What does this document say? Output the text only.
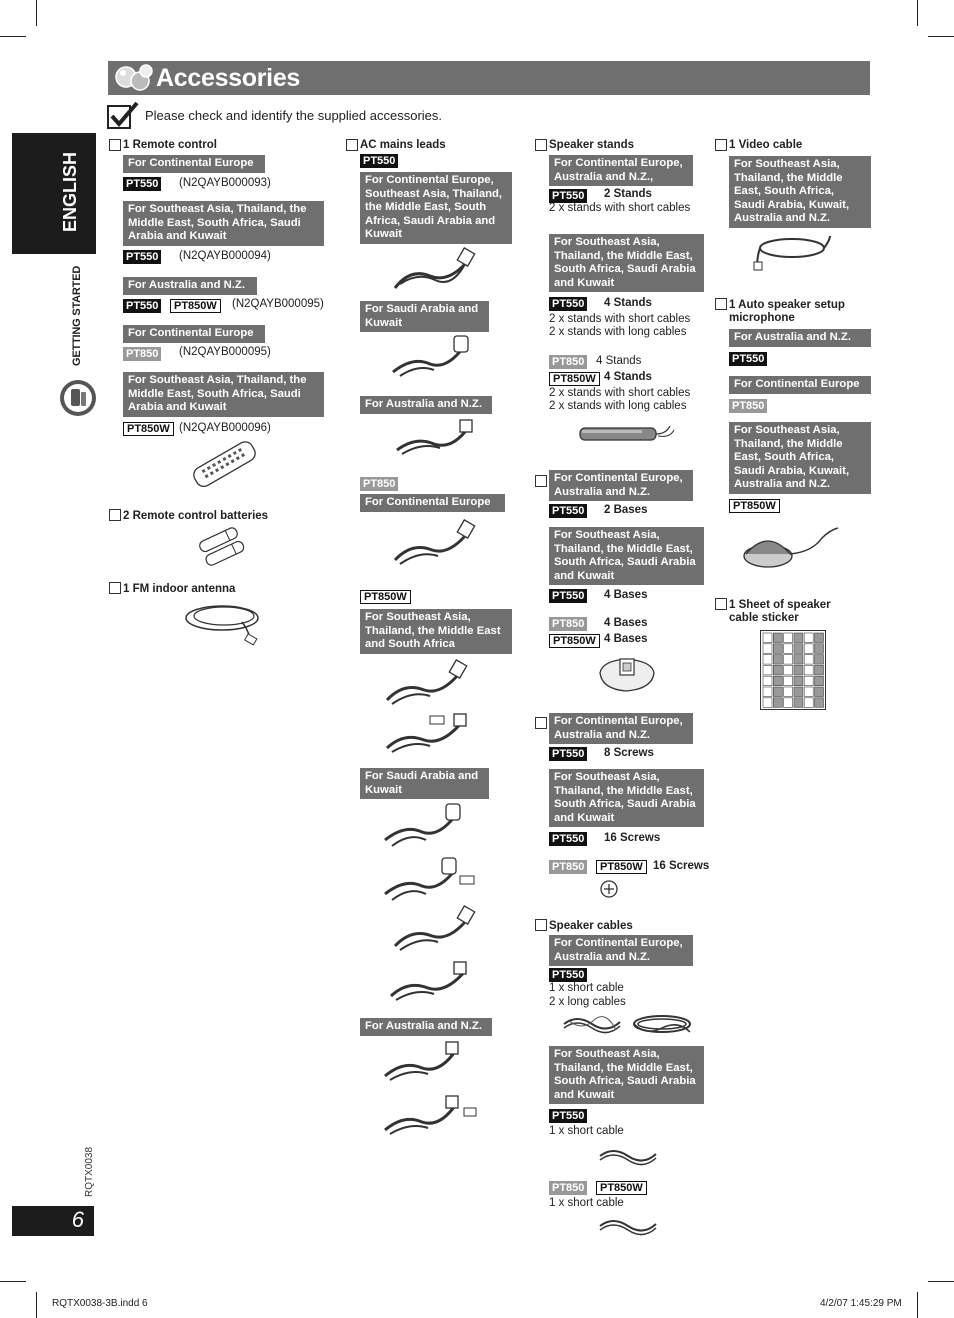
Accessories
Please check and identify the supplied accessories.
ENGLISH
GETTING STARTED
RQTX0038
6
RQTX0038-3B.indd 6	4/2/07 1:45:29 PM
1 Remote control
For Continental Europe
PT550 (N2QAYB000093)
For Southeast Asia, Thailand, the Middle East, South Africa, Saudi Arabia and Kuwait
PT550 (N2QAYB000094)
For Australia and N.Z.
PT550	PT850W	(N2QAYB000095)
For Continental Europe
PT850 (N2QAYB000095)
For Southeast Asia, Thailand, the Middle East, South Africa, Saudi Arabia and Kuwait
PT850W (N2QAYB000096)
2 Remote control batteries
1 FM indoor antenna
AC mains leads
PT550
For Continental Europe, Southeast Asia, Thailand, the Middle East, South Africa, Saudi Arabia and Kuwait
For Saudi Arabia and Kuwait
For Australia and N.Z.
PT850
For Continental Europe
PT850W
For Southeast Asia, Thailand, the Middle East and South Africa
For Saudi Arabia and Kuwait
For Australia and N.Z.
Speaker stands
For Continental Europe, Australia and N.Z.,
PT550 2 Stands
2 x stands with short cables
For Southeast Asia, Thailand, the Middle East, South Africa, Saudi Arabia and Kuwait
PT550 4 Stands
2 x stands with short cables
2 x stands with long cables
PT850 4 Stands
PT850W 4 Stands
2 x stands with short cables
2 x stands with long cables
For Continental Europe, Australia and N.Z.
PT550 2 Bases
For Southeast Asia, Thailand, the Middle East, South Africa, Saudi Arabia and Kuwait
PT550 4 Bases
PT850 4 Bases
PT850W 4 Bases
For Continental Europe, Australia and N.Z.
PT550 8 Screws
For Southeast Asia, Thailand, the Middle East, South Africa, Saudi Arabia and Kuwait
PT550 16 Screws
PT850	PT850W 16 Screws
Speaker cables
For Continental Europe, Australia and N.Z.
PT550
1 x short cable
2 x long cables
For Southeast Asia, Thailand, the Middle East, South Africa, Saudi Arabia and Kuwait
PT550
1 x short cable
PT850	PT850W
1 x short cable
1 Video cable
For Southeast Asia, Thailand, the Middle East, South Africa, Saudi Arabia, Kuwait, Australia and N.Z.
1 Auto speaker setup microphone
For Australia and N.Z.
PT550
For Continental Europe
PT850
For Southeast Asia, Thailand, the Middle East, South Africa, Saudi Arabia, Kuwait, Australia and N.Z.
PT850W
1 Sheet of speaker cable sticker
